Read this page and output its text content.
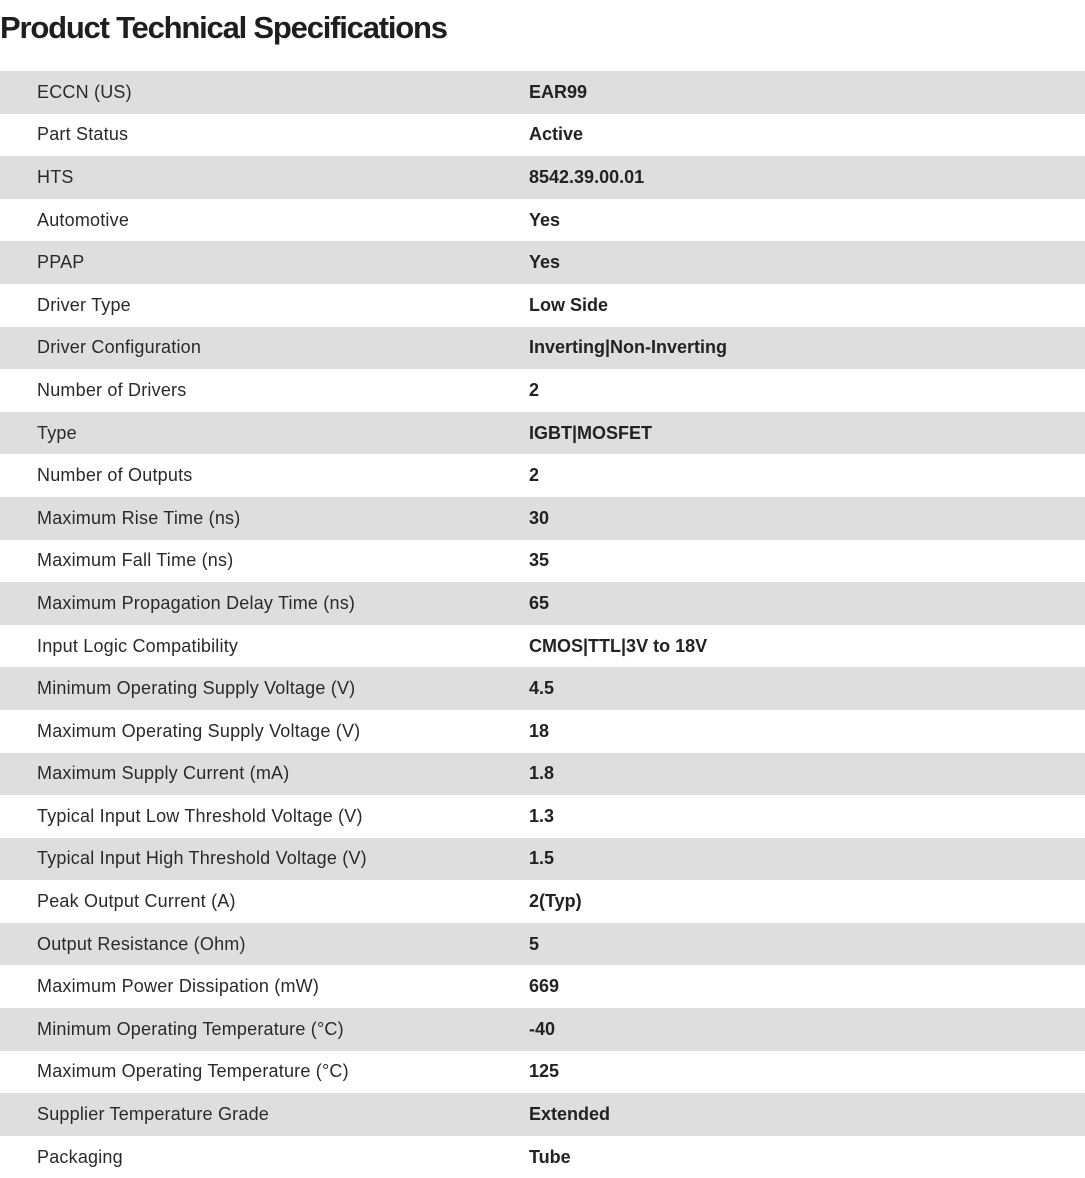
Product Technical Specifications
ECCN (US)	EAR99
Part Status	Active
HTS	8542.39.00.01
Automotive	Yes
PPAP	Yes
Driver Type	Low Side
Driver Configuration	Inverting|Non-Inverting
Number of Drivers	2
Type	IGBT|MOSFET
Number of Outputs	2
Maximum Rise Time (ns)	30
Maximum Fall Time (ns)	35
Maximum Propagation Delay Time (ns)	65
Input Logic Compatibility	CMOS|TTL|3V to 18V
Minimum Operating Supply Voltage (V)	4.5
Maximum Operating Supply Voltage (V)	18
Maximum Supply Current (mA)	1.8
Typical Input Low Threshold Voltage (V)	1.3
Typical Input High Threshold Voltage (V)	1.5
Peak Output Current (A)	2(Typ)
Output Resistance (Ohm)	5
Maximum Power Dissipation (mW)	669
Minimum Operating Temperature (°C)	-40
Maximum Operating Temperature (°C)	125
Supplier Temperature Grade	Extended
Packaging	Tube
